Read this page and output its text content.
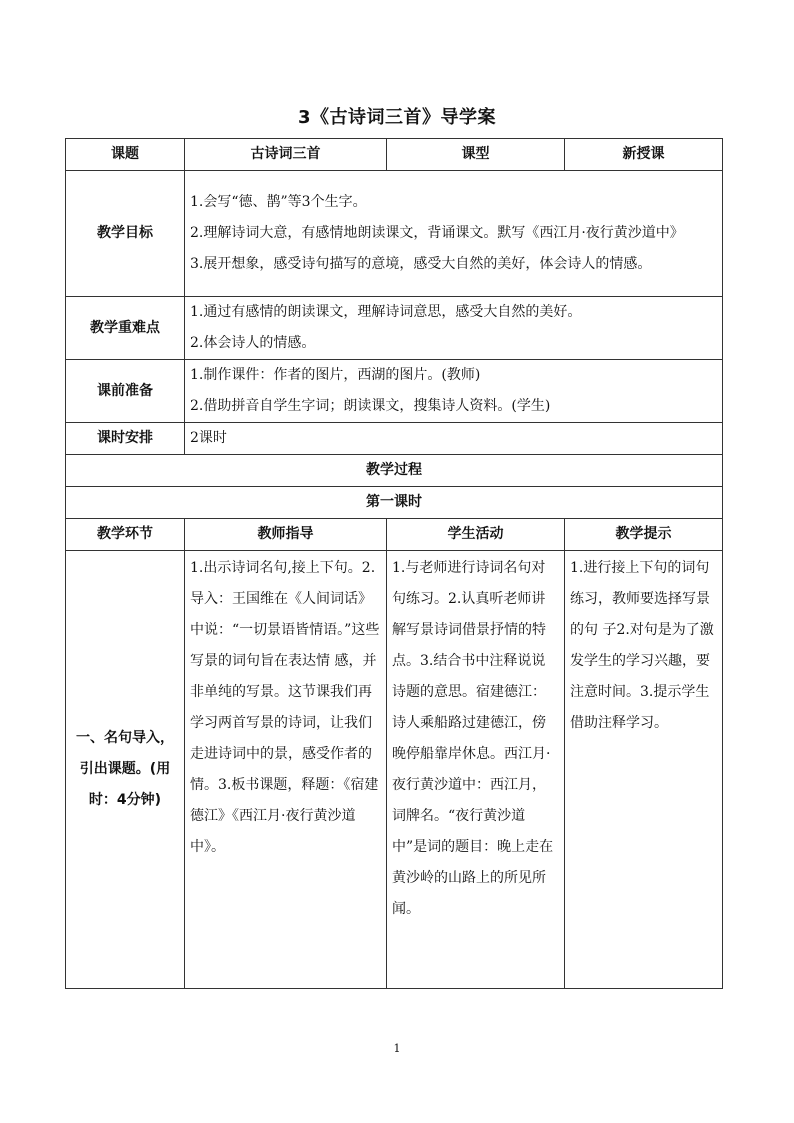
3《古诗词三首》导学案
课题	古诗词三首	课型	新授课
教学目标	1.会写“德、鹊”等3个生字。
2.理解诗词大意，有感情地朗读课文，背诵课文。默写《西江月·夜行黄沙道中》
3.展开想象，感受诗句描写的意境，感受大自然的美好，体会诗人的情感。		

教学重难点	1.通过有感情的朗读课文，理解诗词意思，感受大自然的美好。
2.体会诗人的情感。		

课前准备	1.制作课件：作者的图片，西湖的图片。(教师)
2.借助拼音自学生字词；朗读课文，搜集诗人资料。(学生)		

课时安排	2课时		
教学过程			
第一课时			
教学环节	教师指导	学生活动	教学提示
一、名句导入，引出课题。(用时：4分钟)	1.出示诗词名句,接上下句。2.导入：王国维在《人间词话》中说：“一切景语皆情语。”这些写景的词句旨在表达情 感，并非单纯的写景。这节课我们再学习两首写景的诗词，让我们走进诗词中的景，感受作者的情。3.板书课题，释题：《宿建德江》《西江月·夜行黄沙道中》。	1.与老师进行诗词名句对句练习。2.认真听老师讲解写景诗词借景抒情的特点。3.结合书中注释说说诗题的意思。宿建德江：诗人乘船路过建德江，傍晚停船靠岸休息。西江月·夜行黄沙道中：西江月，词牌名。“夜行黄沙道中”是词的题目：晚上走在黄沙岭的山路上的所见所闻。	1.进行接上下句的词句练习，教师要选择写景的句 子2.对句是为了激发学生的学习兴趣，要注意时间。3.提示学生借助注释学习。
1
